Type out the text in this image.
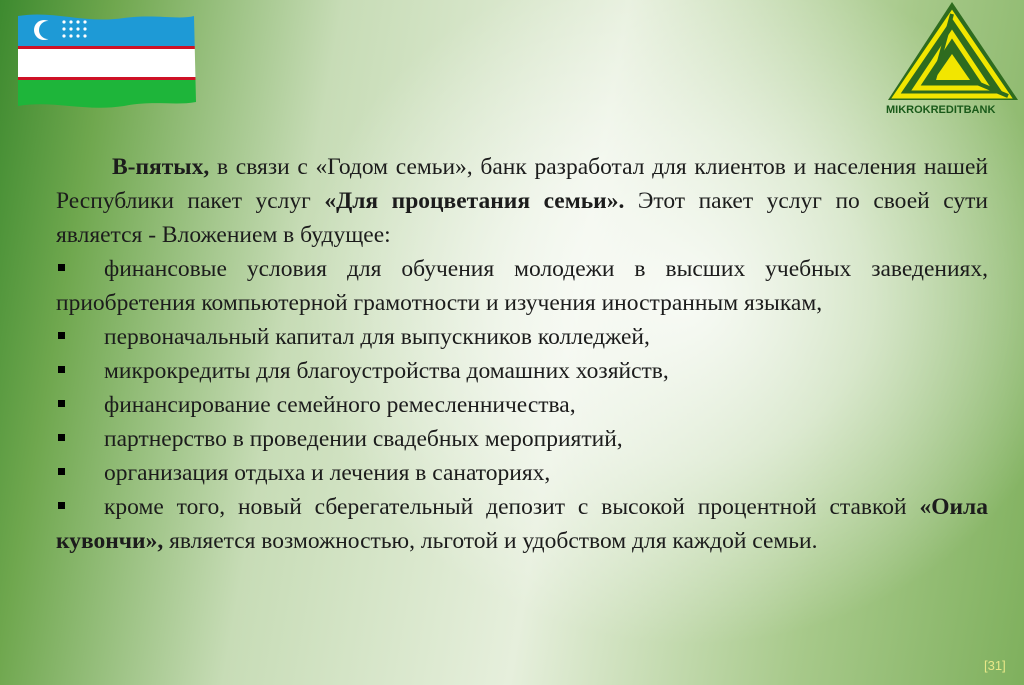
MIKROKREDITBANK

В-пятых, в связи с «Годом семьи», банк разработал для клиентов и населения нашей Республики пакет услуг «Для процветания семьи». Этот пакет услуг по своей сути является - Вложением в будущее:

финансовые условия для обучения молодежи в высших учебных заведениях, приобретения компьютерной грамотности и изучения иностранным языкам,
первоначальный капитал для выпускников колледжей,
микрокредиты для благоустройства домашних хозяйств,
финансирование семейного ремесленничества,
партнерство в проведении свадебных мероприятий,
организация отдыха и лечения в санаториях,
кроме того, новый сберегательный депозит с высокой процентной ставкой «Оила кувончи», является возможностью, льготой и удобством для каждой семьи.
[31]
